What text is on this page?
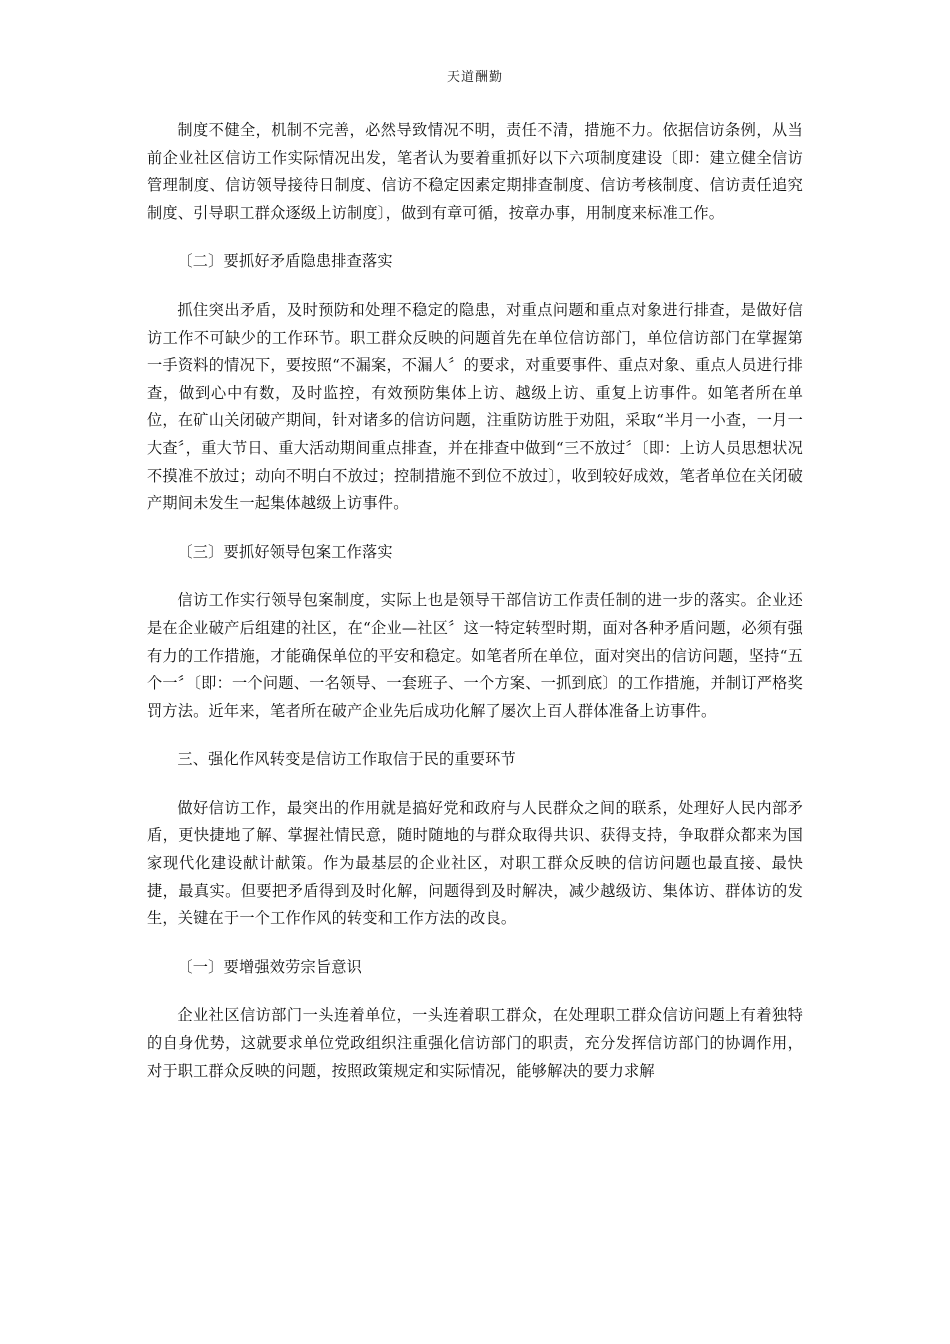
天道酬勤

制度不健全，机制不完善，必然导致情况不明，责任不清，措施不力。依据信访条例，从当前企业社区信访工作实际情况出发，笔者认为要着重抓好以下六项制度建设〔即：建立健全信访管理制度、信访领导接待日制度、信访不稳定因素定期排查制度、信访考核制度、信访责任追究制度、引导职工群众逐级上访制度〕，做到有章可循，按章办事，用制度来标准工作。

〔二〕要抓好矛盾隐患排查落实

抓住突出矛盾，及时预防和处理不稳定的隐患，对重点问题和重点对象进行排查，是做好信访工作不可缺少的工作环节。职工群众反映的问题首先在单位信访部门，单位信访部门在掌握第一手资料的情况下，要按照“不漏案，不漏人〞的要求，对重要事件、重点对象、重点人员进行排查，做到心中有数，及时监控，有效预防集体上访、越级上访、重复上访事件。如笔者所在单位，在矿山关闭破产期间，针对诸多的信访问题，注重防访胜于劝阻，采取“半月一小查，一月一大查〞，重大节日、重大活动期间重点排查，并在排查中做到“三不放过〞〔即：上访人员思想状况不摸准不放过；动向不明白不放过；控制措施不到位不放过〕，收到较好成效，笔者单位在关闭破产期间未发生一起集体越级上访事件。

〔三〕要抓好领导包案工作落实

信访工作实行领导包案制度，实际上也是领导干部信访工作责任制的进一步的落实。企业还是在企业破产后组建的社区，在“企业—社区〞这一特定转型时期，面对各种矛盾问题，必须有强有力的工作措施，才能确保单位的平安和稳定。如笔者所在单位，面对突出的信访问题，坚持“五个一〞〔即：一个问题、一名领导、一套班子、一个方案、一抓到底〕的工作措施，并制订严格奖罚方法。近年来，笔者所在破产企业先后成功化解了屡次上百人群体准备上访事件。

三、强化作风转变是信访工作取信于民的重要环节

做好信访工作，最突出的作用就是搞好党和政府与人民群众之间的联系，处理好人民内部矛盾，更快捷地了解、掌握社情民意，随时随地的与群众取得共识、获得支持，争取群众都来为国家现代化建设献计献策。作为最基层的企业社区，对职工群众反映的信访问题也最直接、最快捷，最真实。但要把矛盾得到及时化解，问题得到及时解决，减少越级访、集体访、群体访的发生，关键在于一个工作作风的转变和工作方法的改良。

〔一〕要增强效劳宗旨意识

企业社区信访部门一头连着单位，一头连着职工群众，在处理职工群众信访问题上有着独特的自身优势，这就要求单位党政组织注重强化信访部门的职责，充分发挥信访部门的协调作用，对于职工群众反映的问题，按照政策规定和实际情况，能够解决的要力求解
